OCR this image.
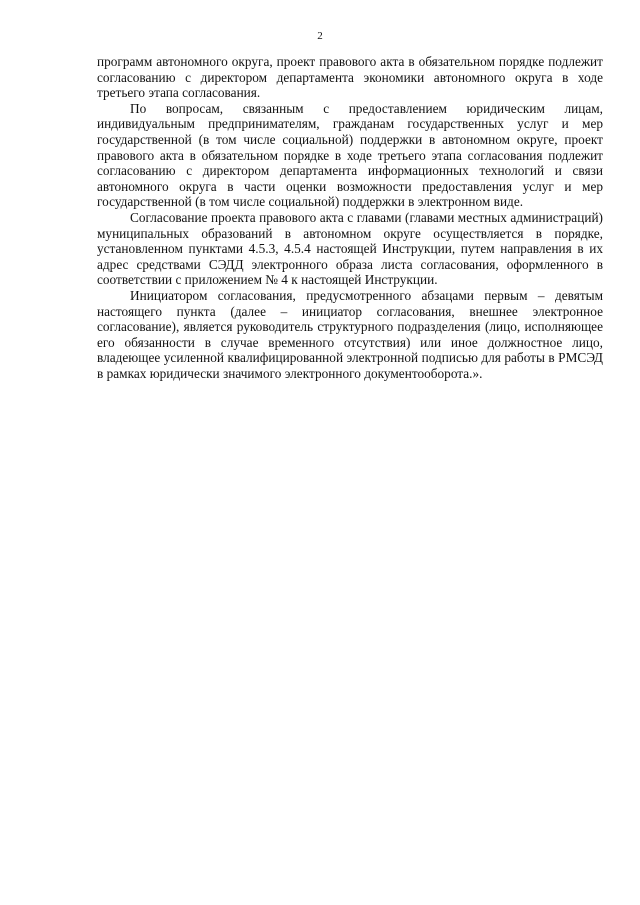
2

программ автономного округа, проект правового акта в обязательном порядке подлежит согласованию с директором департамента экономики автономного округа в ходе третьего этапа согласования.

По вопросам, связанным с предоставлением юридическим лицам, индивидуальным предпринимателям, гражданам государственных услуг и мер государственной (в том числе социальной) поддержки в автономном округе, проект правового акта в обязательном порядке в ходе третьего этапа согласования подлежит согласованию с директором департамента информационных технологий и связи автономного округа в части оценки возможности предоставления услуг и мер государственной (в том числе социальной) поддержки в электронном виде.

Согласование проекта правового акта с главами (главами местных администраций) муниципальных образований в автономном округе осуществляется в порядке, установленном пунктами 4.5.3, 4.5.4 настоящей Инструкции, путем направления в их адрес средствами СЭДД электронного образа листа согласования, оформленного в соответствии с приложением № 4 к настоящей Инструкции.

Инициатором согласования, предусмотренного абзацами первым – девятым настоящего пункта (далее – инициатор согласования, внешнее электронное согласование), является руководитель структурного подразделения (лицо, исполняющее его обязанности в случае временного отсутствия) или иное должностное лицо, владеющее усиленной квалифицированной электронной подписью для работы в РМСЭД в рамках юридически значимого электронного документооборота.».
